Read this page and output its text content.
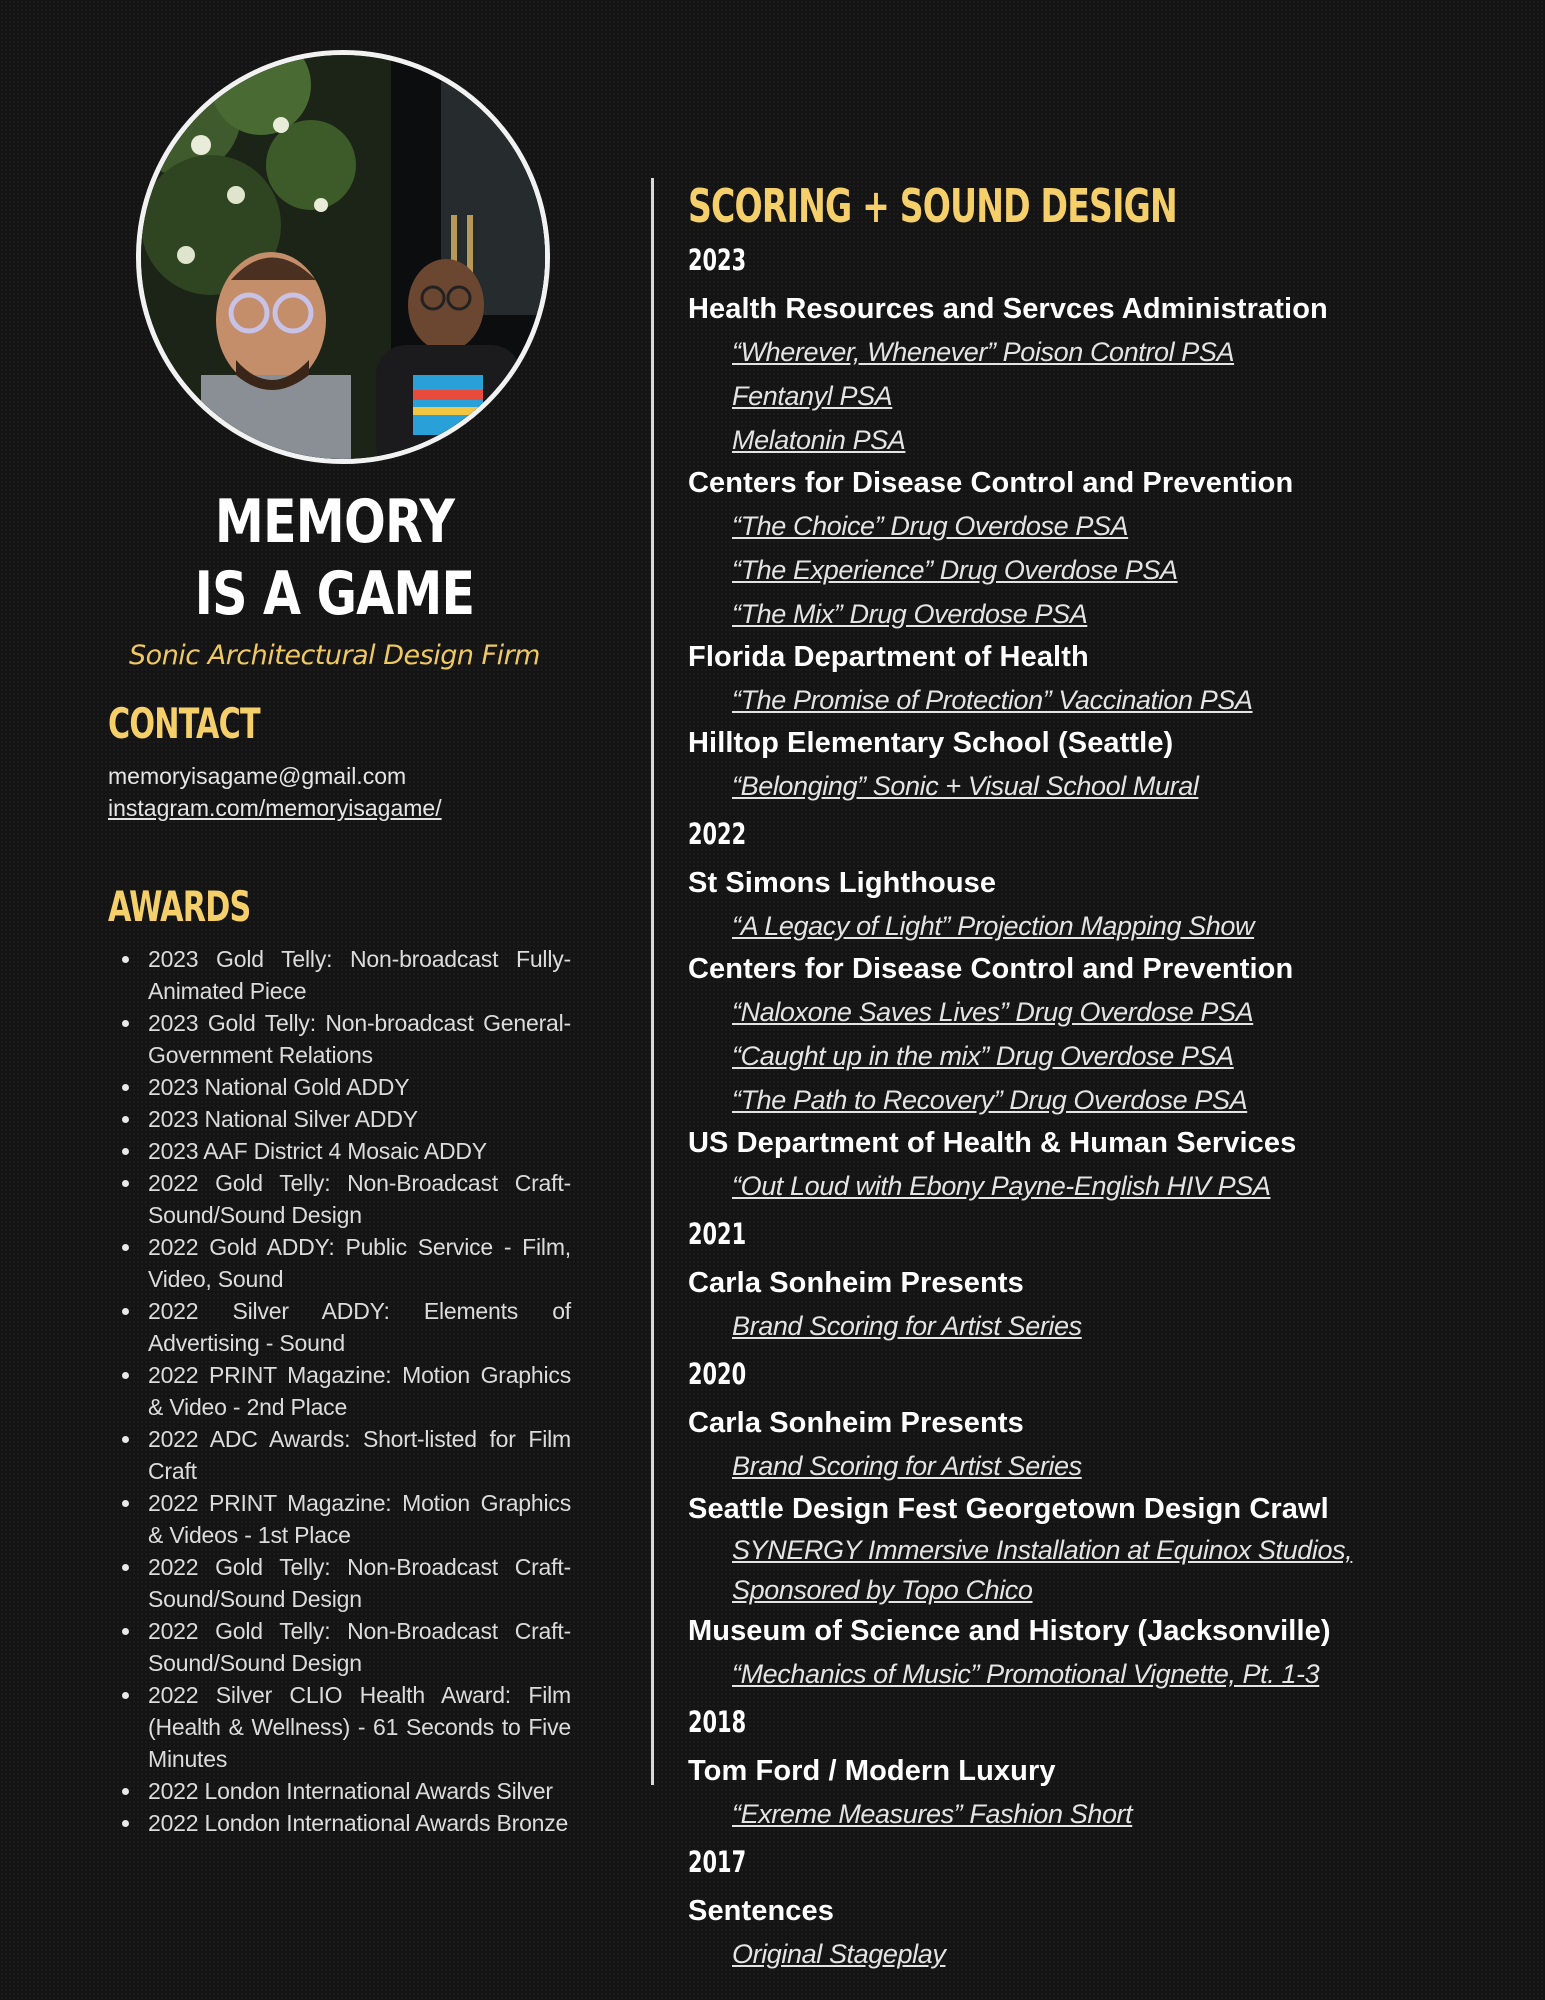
MEMORY
IS A GAME
Sonic Architectural Design Firm
CONTACT
memoryisagame@gmail.com
instagram.com/memoryisagame/
AWARDS
2023 Gold Telly: Non-broadcast Fully-Animated Piece
2023 Gold Telly: Non-broadcast General-Government Relations
2023 National Gold ADDY
2023 National Silver ADDY
2023 AAF District 4 Mosaic ADDY
2022 Gold Telly: Non-Broadcast Craft-Sound/Sound Design
2022 Gold ADDY: Public Service - Film, Video, Sound
2022 Silver ADDY: Elements of Advertising - Sound
2022 PRINT Magazine: Motion Graphics & Video - 2nd Place
2022 ADC Awards: Short-listed for Film Craft
2022 PRINT Magazine: Motion Graphics & Videos - 1st Place
2022 Gold Telly: Non-Broadcast Craft-Sound/Sound Design
2022 Gold Telly: Non-Broadcast Craft-Sound/Sound Design
2022 Silver CLIO Health Award: Film (Health & Wellness) - 61 Seconds to Five Minutes
2022 London International Awards Silver
2022 London International Awards Bronze
SCORING + SOUND DESIGN
2023
Health Resources and Servces Administration
“Wherever, Whenever” Poison Control PSA
Fentanyl PSA
Melatonin PSA
Centers for Disease Control and Prevention
“The Choice” Drug Overdose PSA
“The Experience” Drug Overdose PSA
“The Mix” Drug Overdose PSA
Florida Department of Health
“The Promise of Protection” Vaccination PSA
Hilltop Elementary School (Seattle)
“Belonging” Sonic + Visual School Mural
2022
St Simons Lighthouse
“A Legacy of Light” Projection Mapping Show
Centers for Disease Control and Prevention
“Naloxone Saves Lives” Drug Overdose PSA
“Caught up in the mix” Drug Overdose PSA
“The Path to Recovery” Drug Overdose PSA
US Department of Health & Human Services
“Out Loud with Ebony Payne-English HIV PSA
2021
Carla Sonheim Presents
Brand Scoring for Artist Series
2020
Carla Sonheim Presents
Brand Scoring for Artist Series
Seattle Design Fest Georgetown Design Crawl
SYNERGY Immersive Installation at Equinox Studios,
Sponsored by Topo Chico
Museum of Science and History (Jacksonville)
“Mechanics of Music” Promotional Vignette, Pt. 1-3
2018
Tom Ford / Modern Luxury
“Exreme Measures” Fashion Short
2017
Sentences
Original Stageplay
